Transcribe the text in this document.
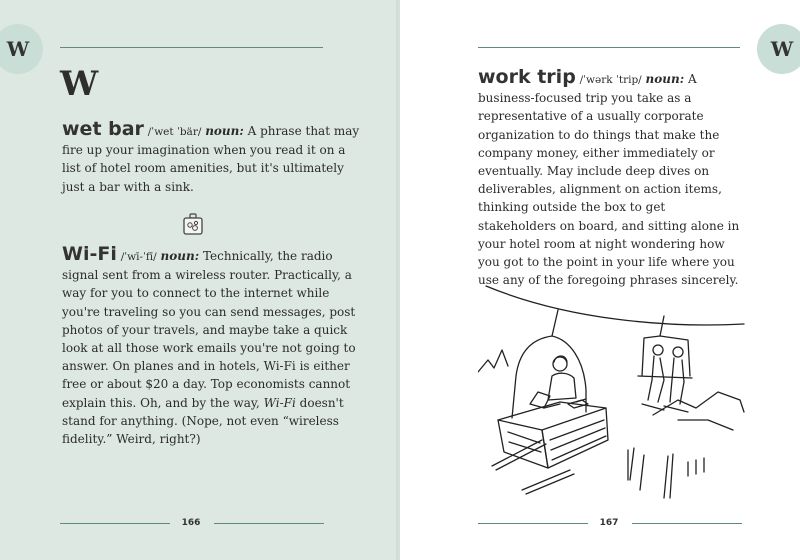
W
W
wet bar /ˈwet ˈbär/ noun: A phrase that may fire up your imagination when you read it on a list of hotel room amenities, but it's ultimately just a bar with a sink.
Wi-Fi /ˈwī-ˈfī/ noun: Technically, the radio signal sent from a wireless router. Practically, a way for you to connect to the internet while you're traveling so you can send messages, post photos of your travels, and maybe take a quick look at all those work emails you're not going to answer. On planes and in hotels, Wi-Fi is either free or about $20 a day. Top economists cannot explain this. Oh, and by the way, Wi-Fi doesn't stand for anything. (Nope, not even “wireless fidelity.” Weird, right?)
166
W
work trip /ˈwərk ˈtrip/ noun: A business-focused trip you take as a representative of a usually corporate organization to do things that make the company money, either immediately or eventually. May include deep dives on deliverables, alignment on action items, thinking outside the box to get stakeholders on board, and sitting alone in your hotel room at night wondering how you got to the point in your life where you use any of the foregoing phrases sincerely.
167
